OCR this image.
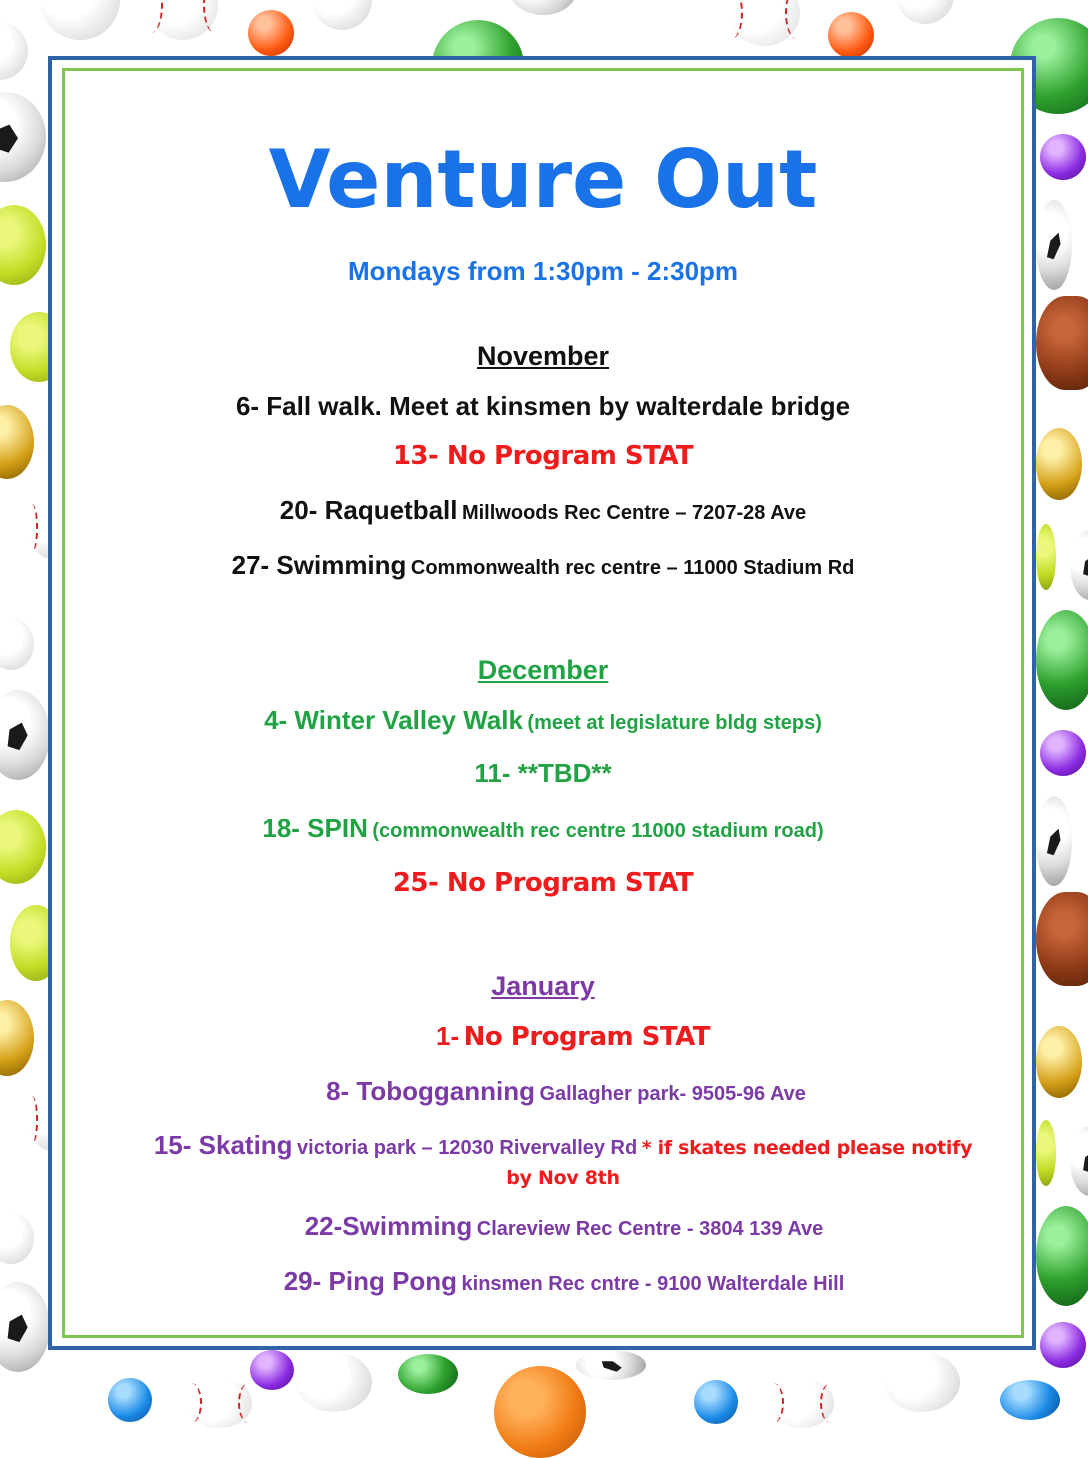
Venture Out
Mondays from 1:30pm - 2:30pm
November
6- Fall walk. Meet at kinsmen by walterdale bridge
13- No Program STAT
20- Raquetball Millwoods Rec Centre – 7207-28 Ave
27- Swimming Commonwealth rec centre – 11000 Stadium Rd
December
4- Winter Valley Walk (meet at legislature bldg steps)
11- **TBD**
18- SPIN (commonwealth rec centre 11000 stadium road)
25- No Program STAT
January
1- No Program STAT
8- Tobogganning Gallagher park- 9505-96 Ave
15- Skating victoria park – 12030 Rivervalley Rd * if skates needed please notify by Nov 8th
22-Swimming Clareview Rec Centre - 3804 139 Ave
29- Ping Pong kinsmen Rec cntre - 9100 Walterdale Hill
